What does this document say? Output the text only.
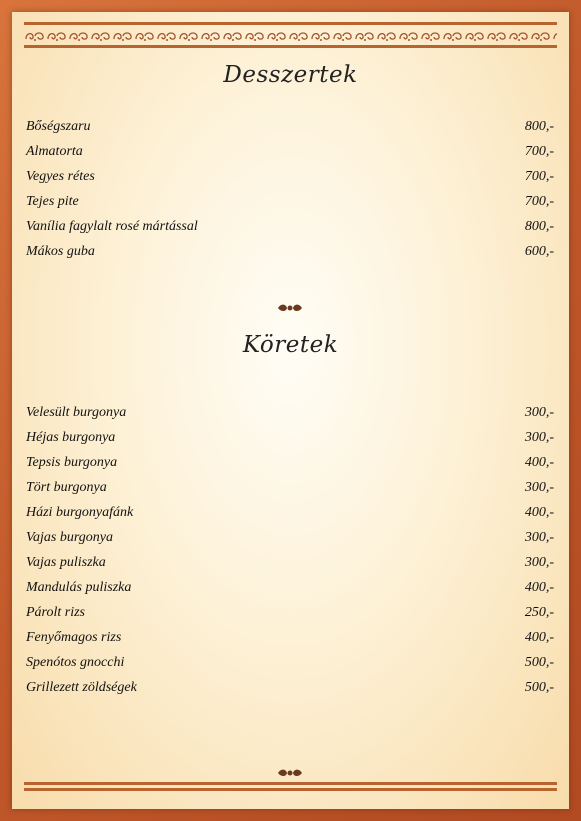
Desszertek
Bőségszaru	800,-
Almatorta	700,-
Vegyes rétes	700,-
Tejes pite	700,-
Vanília fagylalt rosé mártással	800,-
Mákos guba	600,-
Köretek
Velesült burgonya	300,-
Héjas burgonya	300,-
Tepsis burgonya	400,-
Tört burgonya	300,-
Házi burgonyafánk	400,-
Vajas burgonya	300,-
Vajas puliszka	300,-
Mandulás puliszka	400,-
Párolt rizs	250,-
Fenyőmagos rizs	400,-
Spenótos gnocchi	500,-
Grillezett zöldségek	500,-
